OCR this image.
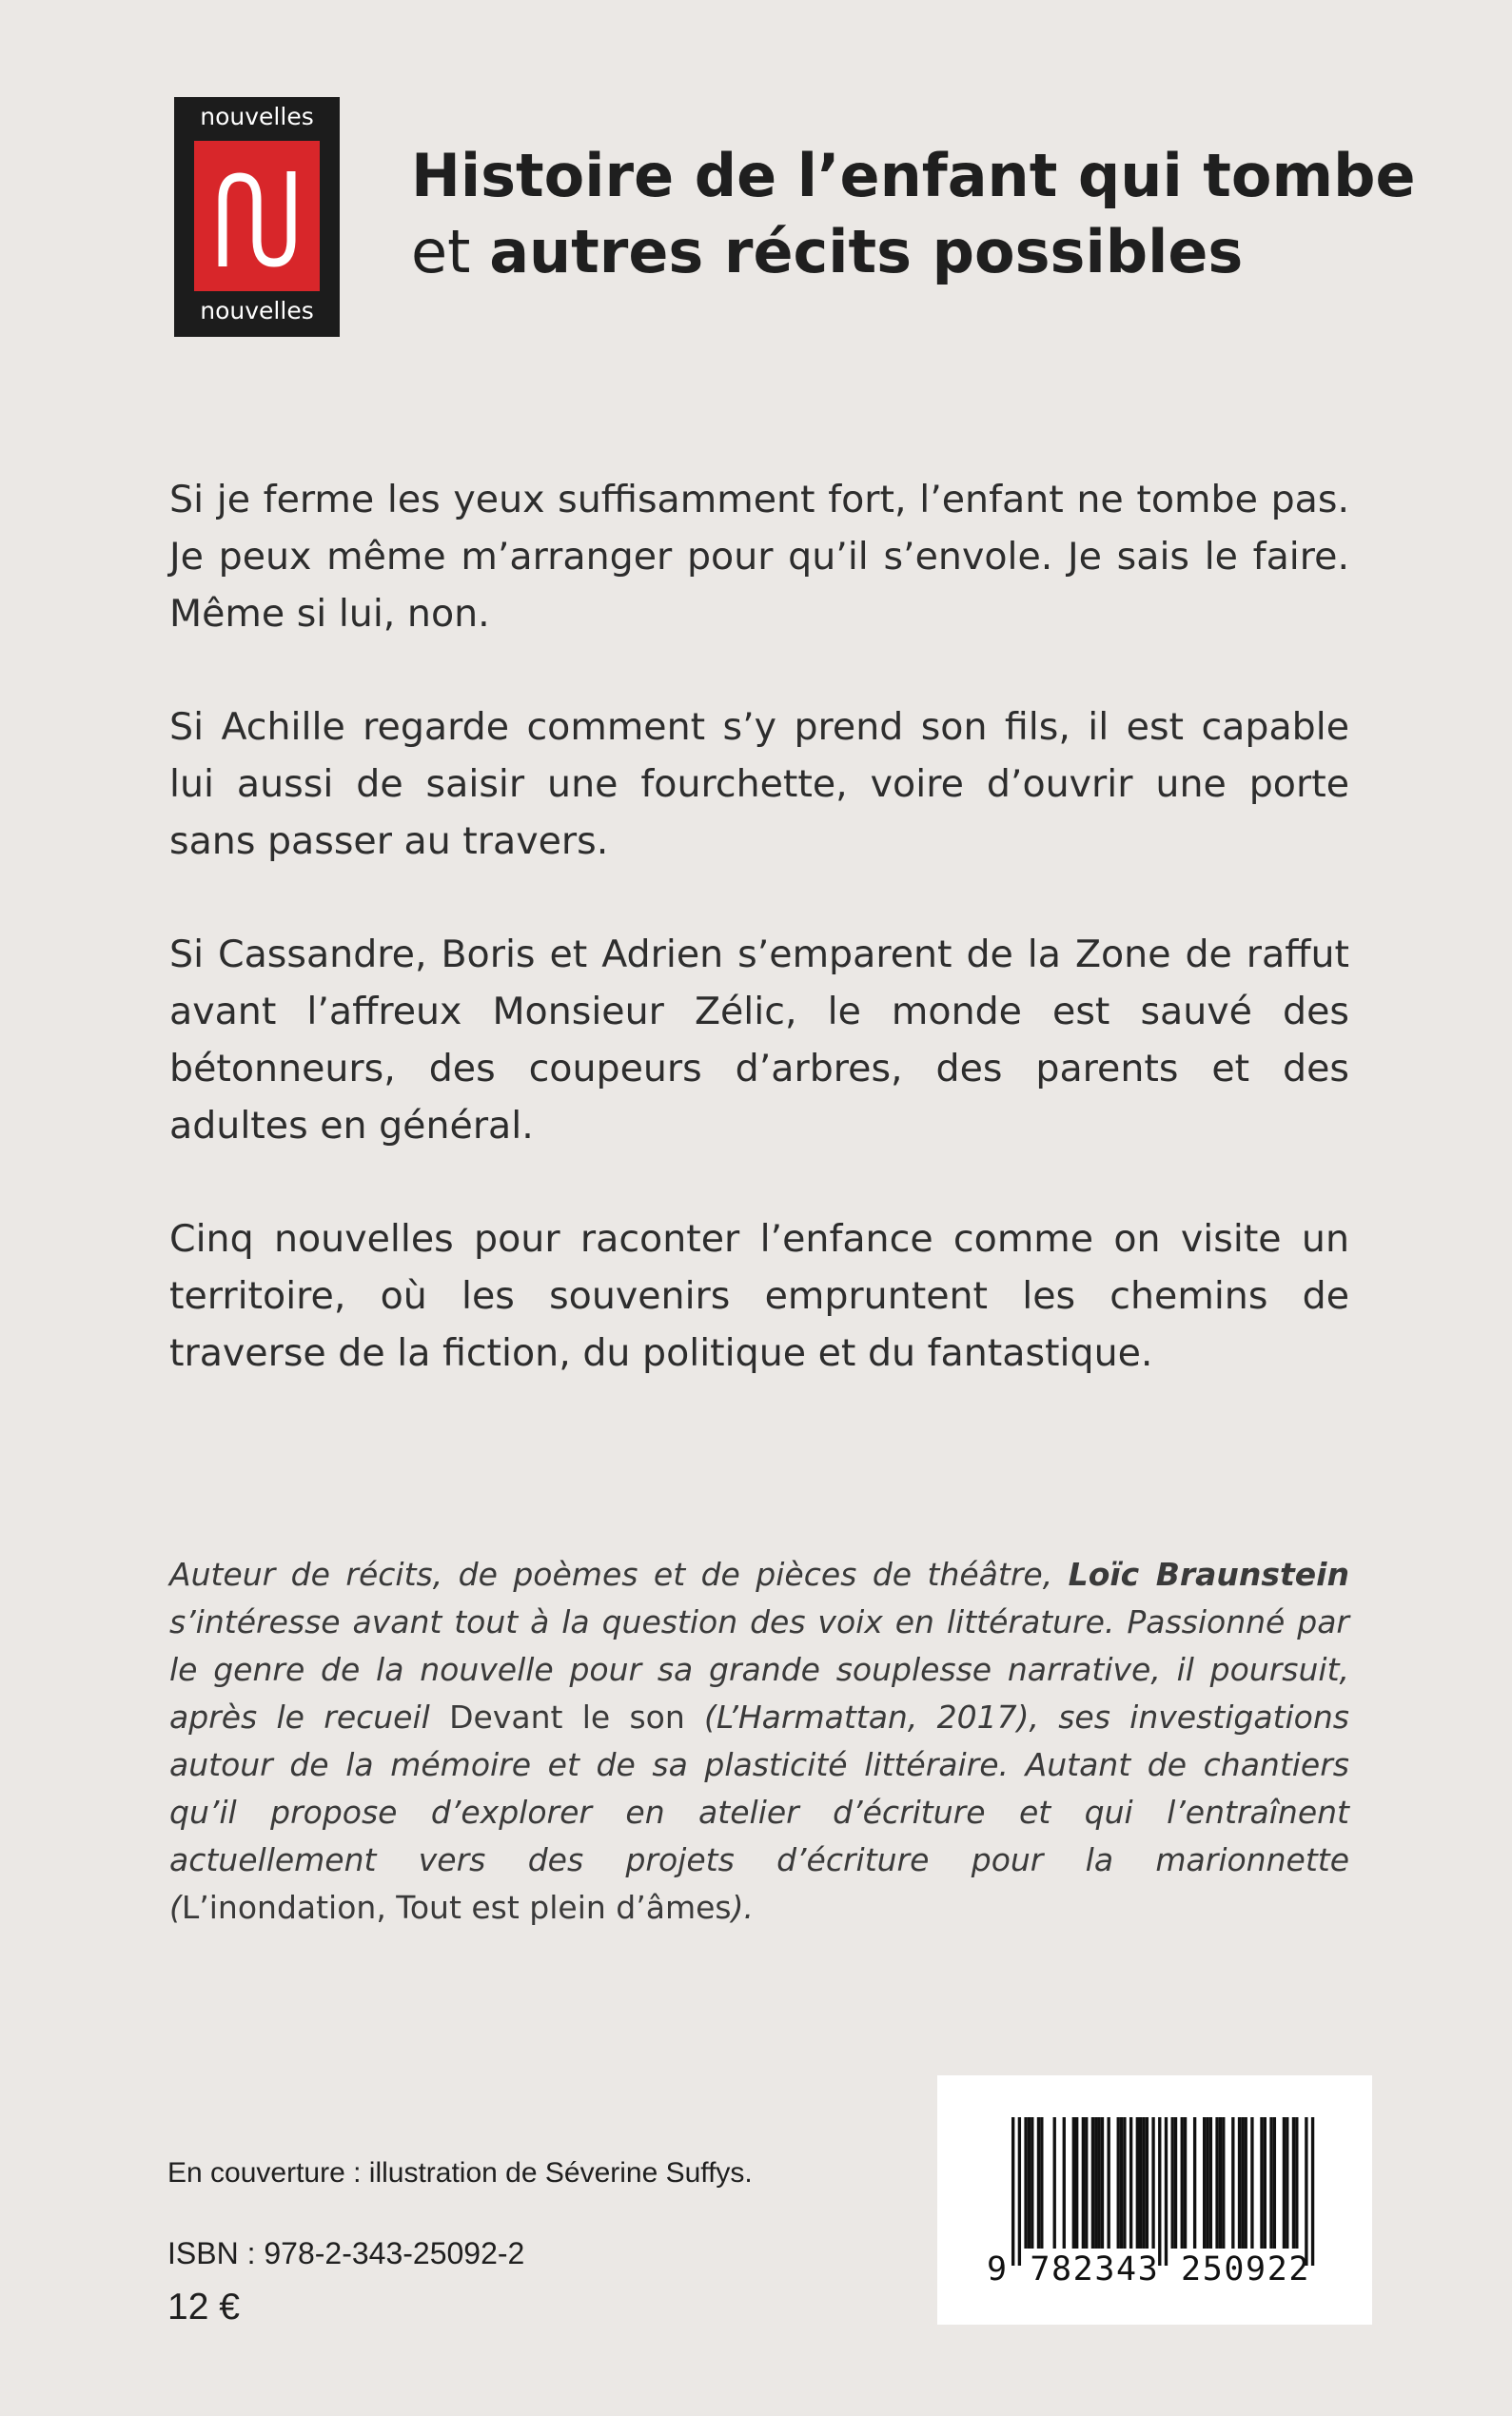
nouvelles
nouvelles
Histoire de l’enfant qui tombe
et autres récits possibles

Si je ferme les yeux suffisamment fort, l’enfant ne tombe pas. Je peux même m’arranger pour qu’il s’envole. Je sais le faire. Même si lui, non.

Si Achille regarde comment s’y prend son fils, il est capable lui aussi de saisir une fourchette, voire d’ouvrir une porte sans passer au travers.

Si Cassandre, Boris et Adrien s’emparent de la Zone de raffut avant l’affreux Monsieur Zélic, le monde est sauvé des bétonneurs, des coupeurs d’arbres, des parents et des adultes en général.

Cinq nouvelles pour raconter l’enfance comme on visite un territoire, où les souvenirs empruntent les chemins de traverse de la fiction, du politique et du fantastique.

Auteur de récits, de poèmes et de pièces de théâtre, Loïc Braunstein s’intéresse avant tout à la question des voix en littérature. Passionné par le genre de la nouvelle pour sa grande souplesse narrative, il poursuit, après le recueil Devant le son (L’Harmattan, 2017), ses investigations autour de la mémoire et de sa plasticité littéraire. Autant de chantiers qu’il propose d’explorer en atelier d’écriture et qui l’entraînent actuellement vers des projets d’écriture pour la marionnette (L’inondation, Tout est plein d’âmes).
En couverture : illustration de Séverine Suffys.
ISBN : 978-2-343-25092-2
12 €
9 782343 250922
